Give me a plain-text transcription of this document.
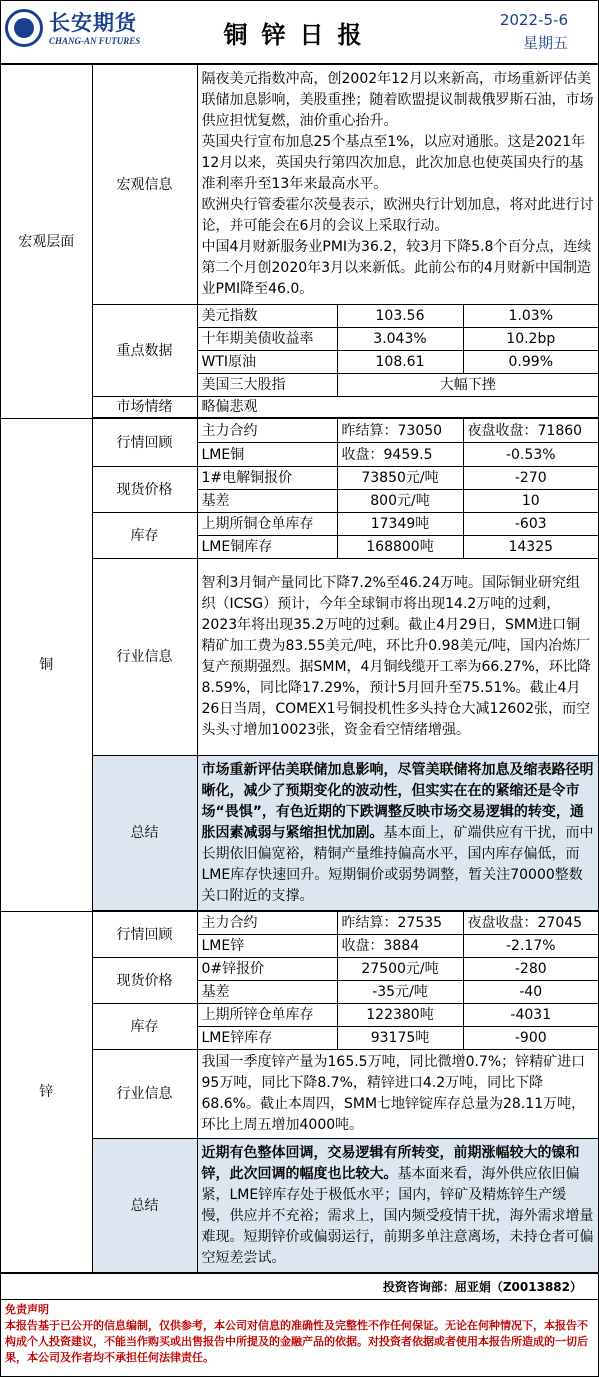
长安期货
CHANG-AN FUTURES	铜锌日报
2022-5-6
星期五
宏观层面	宏观信息	隔夜美元指数冲高，创2002年12月以来新高，市场重新评估美联储加息影响，美股重挫；随着欧盟提议制裁俄罗斯石油，市场供应担忧复燃，油价重心抬升。
英国央行宣布加息25个基点至1%，以应对通胀。这是2021年12月以来，英国央行第四次加息，此次加息也使英国央行的基准利率升至13年来最高水平。
欧洲央行管委霍尔茨曼表示，欧洲央行计划加息，将对此进行讨论，并可能会在6月的会议上采取行动。
中国4月财新服务业PMI为36.2，较3月下降5.8个百分点，连续第二个月创2020年3月以来新低。此前公布的4月财新中国制造业PMI降至46.0。		

	重点数据	美元指数	103.56	1.03%
		十年期美债收益率	3.043%	10.2bp
		WTI原油	108.61	0.99%
		美国三大股指	大幅下挫	
	市场情绪	略偏悲观		

铜	行情回顾	主力合约	昨结算：73050	夜盘收盘：71860
		LME铜	收盘：9459.5	-0.53%
	现货价格	1#电解铜报价	73850元/吨	-270
		基差	800元/吨	10
	库存	上期所铜仓单库存	17349吨	-603
		LME铜库存	168800吨	14325
	行业信息	智利3月铜产量同比下降7.2%至46.24万吨。国际铜业研究组织（ICSG）预计，今年全球铜市将出现14.2万吨的过剩，2023年将出现35.2万吨的过剩。截止4月29日，SMM进口铜精矿加工费为83.55美元/吨，环比升0.98美元/吨，国内冶炼厂复产预期强烈。据SMM，4月铜线缆开工率为66.27%，环比降8.59%，同比降17.29%，预计5月回升至75.51%。截止4月26日当周，COMEX1号铜投机性多头持仓大减12602张，而空头头寸增加10023张，资金看空情绪增强。		
	总结	市场重新评估美联储加息影响，尽管美联储将加息及缩表路径明晰化，减少了预期变化的波动性，但实实在在的紧缩还是令市场“畏惧”，有色近期的下跌调整反映市场交易逻辑的转变，通胀因素减弱与紧缩担忧加剧。基本面上，矿端供应有干扰，而中长期依旧偏宽裕，精铜产量维持偏高水平，国内库存偏低，而LME库存快速回升。短期铜价或弱势调整，暂关注70000整数关口附近的支撑。		

锌	行情回顾	主力合约	昨结算：27535	夜盘收盘：27045
		LME锌	收盘：3884	-2.17%
	现货价格	0#锌报价	27500元/吨	-280
		基差	-35元/吨	-40
	库存	上期所锌仓单库存	122380吨	-4031
		LME锌库存	93175吨	-900
	行业信息	我国一季度锌产量为165.5万吨，同比微增0.7%；锌精矿进口95万吨，同比下降8.7%，精锌进口4.2万吨，同比下降68.6%。截止本周四，SMM七地锌锭库存总量为28.11万吨，环比上周五增加4000吨。		
	总结	近期有色整体回调，交易逻辑有所转变，前期涨幅较大的镍和锌，此次回调的幅度也比较大。基本面来看，海外供应依旧偏紧，LME锌库存处于极低水平；国内，锌矿及精炼锌生产缓慢，供应并不充裕；需求上，国内频受疫情干扰，海外需求增量难现。短期锌价或偏弱运行，前期多单注意离场，未持仓者可偏空短差尝试。		
投资咨询部：屈亚娟（Z0013882）
免责声明
本报告基于已公开的信息编制，仅供参考，本公司对信息的准确性及完整性不作任何保证。无论在何种情况下，本报告不构成个人投资建议，不能当作购买或出售报告中所提及的金融产品的依据。对投资者依据或者使用本报告所造成的一切后果，本公司及作者均不承担任何法律责任。
